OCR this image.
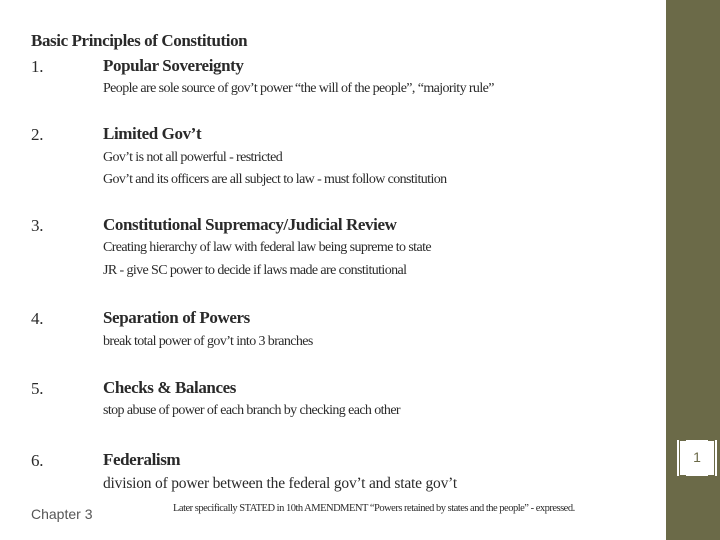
Basic Principles of Constitution
1.	Popular Sovereignty
People are sole source of gov’t power “the will of the people”, “majority rule”
2.	Limited Gov’t
Gov’t is not all powerful - restricted
Gov’t and its officers are all subject to law - must follow constitution
3.	Constitutional Supremacy/Judicial Review
Creating hierarchy of law with federal law being supreme to state
JR - give SC power to decide if laws made are constitutional
4.	Separation of Powers
break total power of gov’t into 3 branches
5.	Checks & Balances
stop abuse of power of each branch by checking each other
6.	Federalism
division of power between the federal gov’t and state gov’t
Chapter 3	Later specifically STATED in 10th AMENDMENT “Powers retained by states and the people” - expressed.
1
